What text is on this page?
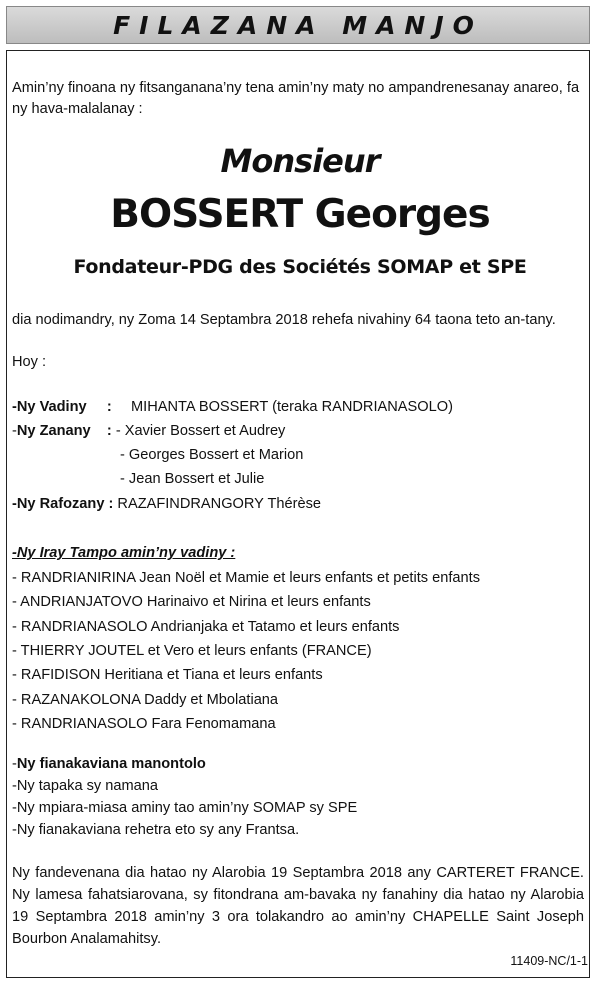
FILAZANA MANJO
Amin’ny finoana ny fitsanganana’ny tena amin’ny maty no ampandrenesanay anareo, fa ny hava-malalanay :
Monsieur
BOSSERT Georges
Fondateur-PDG des Sociétés SOMAP et SPE
dia nodimandry, ny Zoma 14 Septambra 2018 rehefa nivahiny 64 taona teto an-tany.
Hoy :
-Ny Vadiny     : MIHANTA BOSSERT (teraka RANDRIANASOLO)
-Ny Zanany    : - Xavier Bossert et Audrey
- Georges Bossert et Marion
- Jean Bossert et Julie
-Ny Rafozany : RAZAFINDRANGORY Thérèse
-Ny Iray Tampo amin’ny vadiny :
- RANDRIANIRINA Jean Noël et Mamie et leurs enfants et petits enfants
- ANDRIANJATOVO Harinaivo et Nirina et leurs enfants
- RANDRIANASOLO Andrianjaka et Tatamo et leurs enfants
- THIERRY JOUTEL et Vero et leurs enfants (FRANCE)
- RAFIDISON Heritiana et Tiana et leurs enfants
- RAZANAKOLONA Daddy et Mbolatiana
- RANDRIANASOLO Fara Fenomamana
-Ny fianakaviana manontolo
-Ny tapaka sy namana
-Ny mpiara-miasa aminy tao amin’ny SOMAP sy SPE
-Ny fianakaviana rehetra eto sy any Frantsa.
Ny fandevenana dia hatao ny Alarobia 19 Septambra 2018 any CARTERET FRANCE. Ny lamesa fahatsiarovana, sy fitondrana am-bavaka ny fanahiny dia hatao ny Alarobia 19 Septambra 2018 amin’ny 3 ora tolakandro ao amin’ny CHAPELLE Saint Joseph Bourbon Analamahitsy.
11409-NC/1-1
